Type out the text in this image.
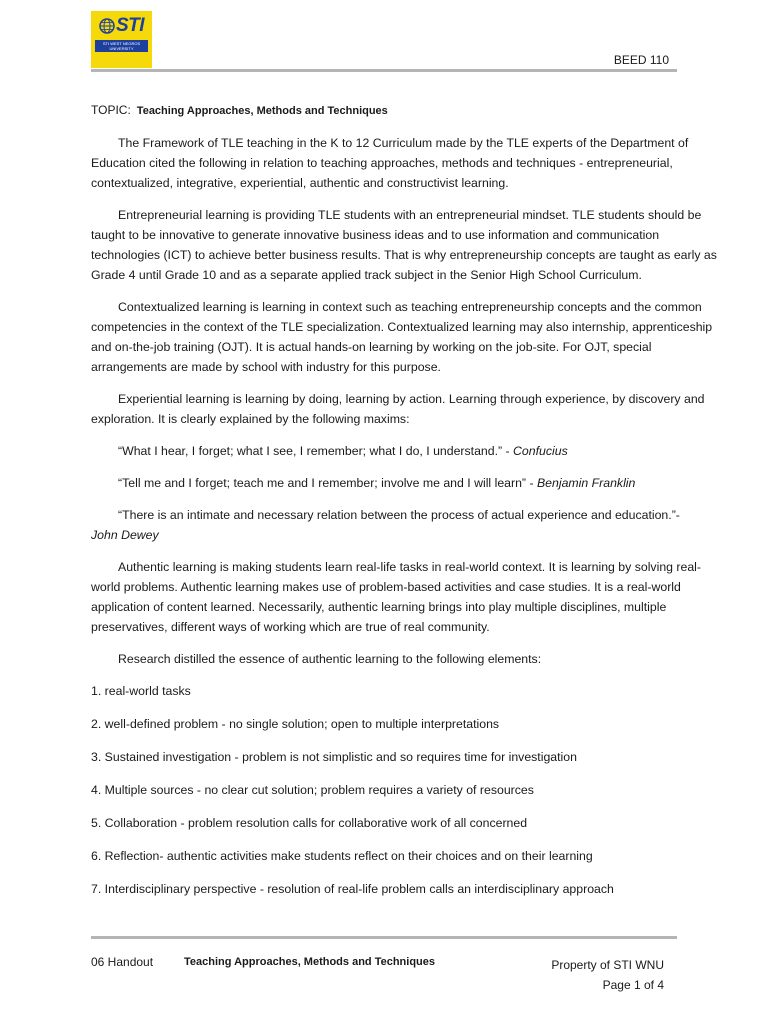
STI
STI WEST NEGROS UNIVERSITY
BEED 110
TOPIC: Teaching Approaches, Methods and Techniques

The Framework of TLE teaching in the K to 12 Curriculum made by the TLE experts of the Department of Education cited the following in relation to teaching approaches, methods and techniques - entrepreneurial, contextualized, integrative, experiential, authentic and constructivist learning.

Entrepreneurial learning is providing TLE students with an entrepreneurial mindset. TLE students should be taught to be innovative to generate innovative business ideas and to use information and communication technologies (ICT) to achieve better business results. That is why entrepreneurship concepts are taught as early as Grade 4 until Grade 10 and as a separate applied track subject in the Senior High School Curriculum.

Contextualized learning is learning in context such as teaching entrepreneurship concepts and the common competencies in the context of the TLE specialization. Contextualized learning may also internship, apprenticeship and on-the-job training (OJT). It is actual hands-on learning by working on the job-site. For OJT, special arrangements are made by school with industry for this purpose.

Experiential learning is learning by doing, learning by action. Learning through experience, by discovery and exploration. It is clearly explained by the following maxims:

“What I hear, I forget; what I see, I remember; what I do, I understand.” - Confucius

“Tell me and I forget; teach me and I remember; involve me and I will learn” - Benjamin Franklin

“There is an intimate and necessary relation between the process of actual experience and education.”-
John Dewey

Authentic learning is making students learn real-life tasks in real-world context. It is learning by solving real-world problems. Authentic learning makes use of problem-based activities and case studies. It is a real-world application of content learned. Necessarily, authentic learning brings into play multiple disciplines, multiple preservatives, different ways of working which are true of real community.

Research distilled the essence of authentic learning to the following elements:

1. real-world tasks
2. well-defined problem - no single solution; open to multiple interpretations
3. Sustained investigation - problem is not simplistic and so requires time for investigation
4. Multiple sources - no clear cut solution; problem requires a variety of resources
5. Collaboration - problem resolution calls for collaborative work of all concerned
6. Reflection- authentic activities make students reflect on their choices and on their learning
7. Interdisciplinary perspective - resolution of real-life problem calls an interdisciplinary approach
06 Handout	Teaching Approaches, Methods and Techniques	Property of STI WNU
Page 1 of 4
